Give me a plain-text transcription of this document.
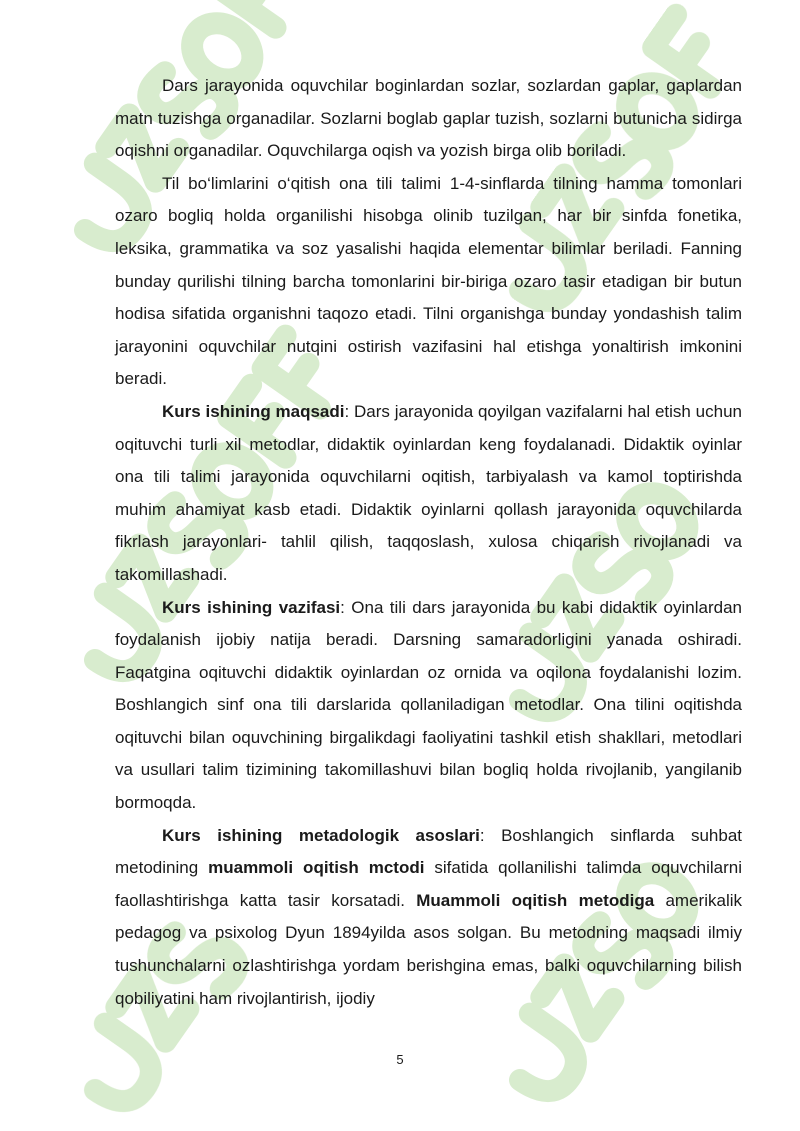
Dars jarayonida oquvchilar boginlardan sozlar, sozlardan gaplar, gaplardan matn tuzishga organadilar. Sozlarni boglab gaplar tuzish, sozlarni butunicha sidirga oqishni organadilar. Oquvchilarga oqish va yozish birga olib boriladi.

Til bo‘limlarini o‘qitish ona tili talimi 1-4-sinflarda tilning hamma tomonlari ozaro bogliq holda organilishi hisobga olinib tuzilgan, har bir sinfda fonetika, leksika, grammatika va soz yasalishi haqida elementar bilimlar beriladi. Fanning bunday qurilishi tilning barcha tomonlarini bir-biriga ozaro tasir etadigan bir butun hodisa sifatida organishni taqozo etadi. Tilni organishga bunday yondashish talim jarayonini oquvchilar nutqini ostirish vazifasini hal etishga yonaltirish imkonini beradi.

Kurs ishining maqsadi: Dars jarayonida qoyilgan vazifalarni hal etish uchun oqituvchi turli xil metodlar, didaktik oyinlardan keng foydalanadi. Didaktik oyinlar ona tili talimi jarayonida oquvchilarni oqitish, tarbiyalash va kamol toptirishda muhim ahamiyat kasb etadi. Didaktik oyinlarni qollash jarayonida oquvchilarda fikrlash jarayonlari- tahlil qilish, taqqoslash, xulosa chiqarish rivojlanadi va takomillashadi.

Kurs ishining vazifasi: Ona tili dars jarayonida bu kabi didaktik oyinlardan foydalanish ijobiy natija beradi. Darsning samaradorligini yanada oshiradi. Faqatgina oqituvchi didaktik oyinlardan oz ornida va oqilona foydalanishi lozim. Boshlangich sinf ona tili darslarida qollaniladigan metodlar. Ona tilini oqitishda oqituvchi bilan oquvchining birgalikdagi faoliyatini tashkil etish shakllari, metodlari va usullari talim tizimining takomillashuvi bilan bogliq holda rivojlanib, yangilanib bormoqda.

Kurs ishining metadologik asoslari: Boshlangich sinflarda suhbat metodining muammoli oqitish mctodi sifatida qollanilishi talimda oquvchilarni faollashtirishga katta tasir korsatadi. Muammoli oqitish metodiga amerikalik pedagog va psixolog Dyun 1894yilda asos solgan. Bu metodning maqsadi ilmiy tushunchalarni ozlashtirishga yordam berishgina emas, balki oquvchilarning bilish qobiliyatini ham rivojlantirish, ijodiy

5
